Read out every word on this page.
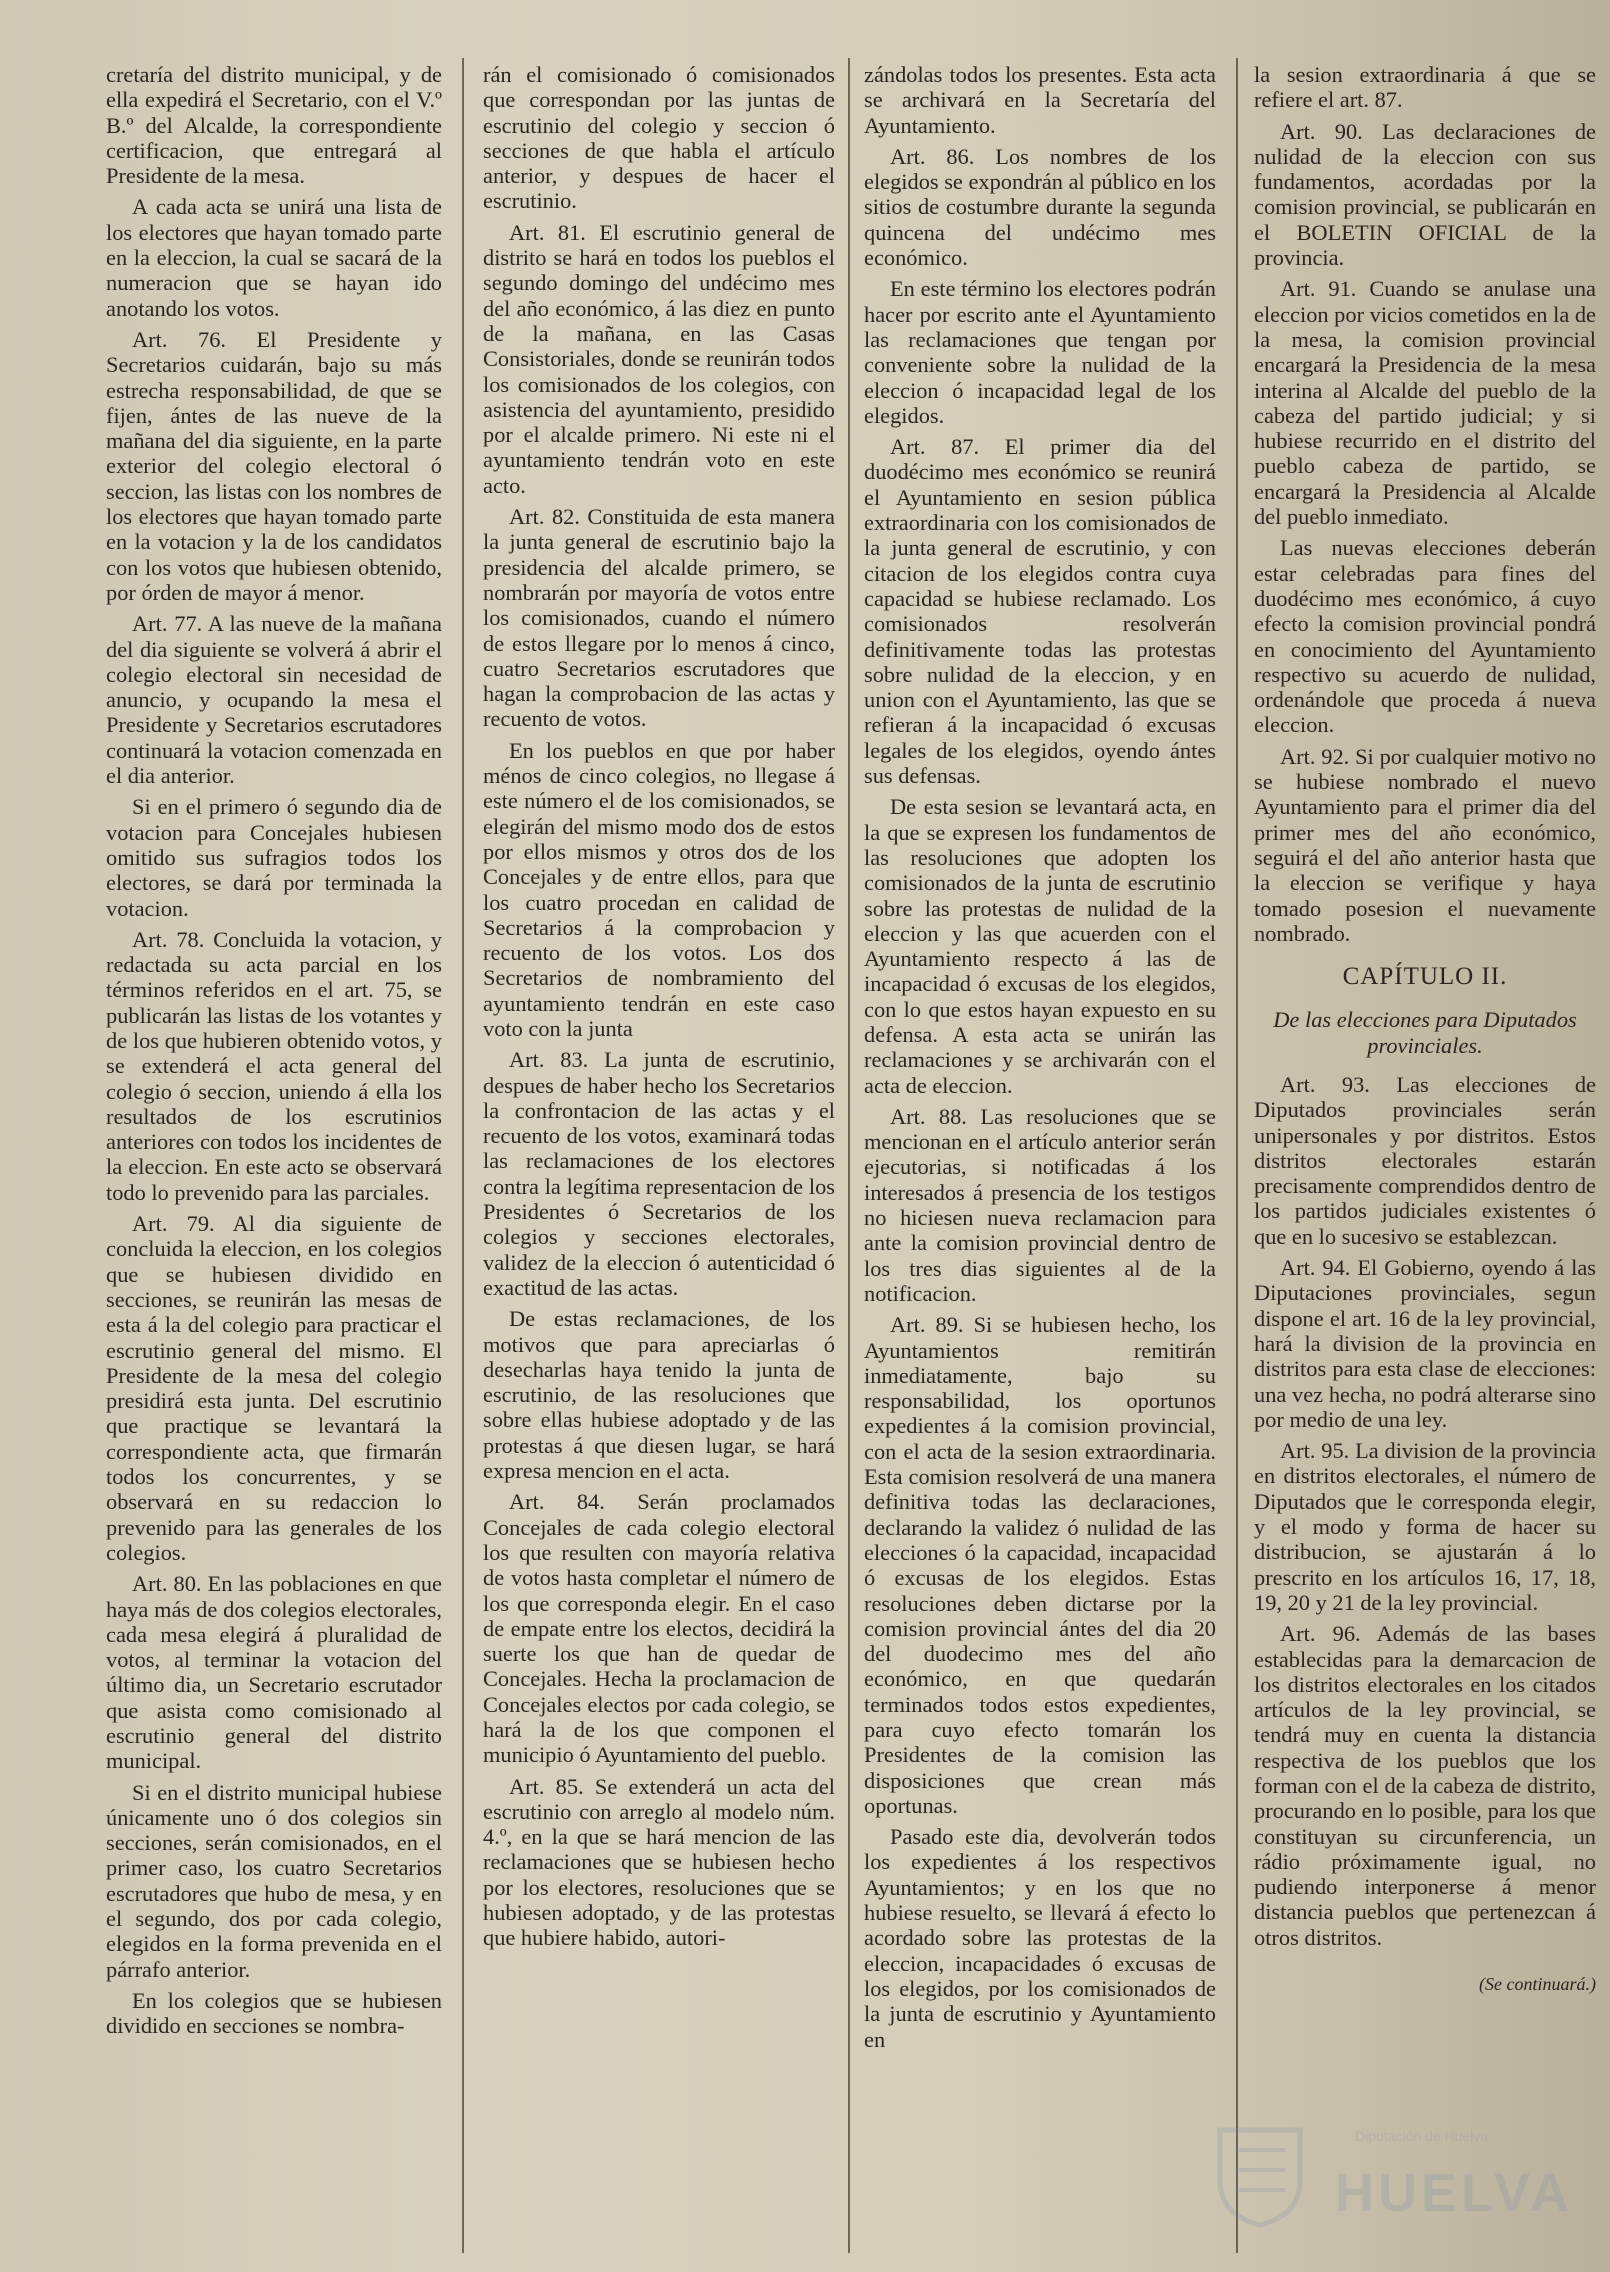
cretaría del distrito municipal, y de ella expedirá el Secretario, con el V.º B.º del Alcalde, la correspondiente certificacion, que entregará al Presidente de la mesa.

A cada acta se unirá una lista de los electores que hayan tomado parte en la eleccion, la cual se sacará de la numeracion que se hayan ido anotando los votos.

Art. 76. El Presidente y Secretarios cuidarán, bajo su más estrecha responsabilidad, de que se fijen, ántes de las nueve de la mañana del dia siguiente, en la parte exterior del colegio electoral ó seccion, las listas con los nombres de los electores que hayan tomado parte en la votacion y la de los candidatos con los votos que hubiesen obtenido, por órden de mayor á menor.

Art. 77. A las nueve de la mañana del dia siguiente se volverá á abrir el colegio electoral sin necesidad de anuncio, y ocupando la mesa el Presidente y Secretarios escrutadores continuará la votacion comenzada en el dia anterior.

Si en el primero ó segundo dia de votacion para Concejales hubiesen omitido sus sufragios todos los electores, se dará por terminada la votacion.

Art. 78. Concluida la votacion, y redactada su acta parcial en los términos referidos en el art. 75, se publicarán las listas de los votantes y de los que hubieren obtenido votos, y se extenderá el acta general del colegio ó seccion, uniendo á ella los resultados de los escrutinios anteriores con todos los incidentes de la eleccion. En este acto se observará todo lo prevenido para las parciales.

Art. 79. Al dia siguiente de concluida la eleccion, en los colegios que se hubiesen dividido en secciones, se reunirán las mesas de esta á la del colegio para practicar el escrutinio general del mismo. El Presidente de la mesa del colegio presidirá esta junta. Del escrutinio que practique se levantará la correspondiente acta, que firmarán todos los concurrentes, y se observará en su redaccion lo prevenido para las generales de los colegios.

Art. 80. En las poblaciones en que haya más de dos colegios electorales, cada mesa elegirá á pluralidad de votos, al terminar la votacion del último dia, un Secretario escrutador que asista como comisionado al escrutinio general del distrito municipal.

Si en el distrito municipal hubiese únicamente uno ó dos colegios sin secciones, serán comisionados, en el primer caso, los cuatro Secretarios escrutadores que hubo de mesa, y en el segundo, dos por cada colegio, elegidos en la forma prevenida en el párrafo anterior.

En los colegios que se hubiesen dividido en secciones se nombra-

rán el comisionado ó comisionados que correspondan por las juntas de escrutinio del colegio y seccion ó secciones de que habla el artículo anterior, y despues de hacer el escrutinio.

Art. 81. El escrutinio general de distrito se hará en todos los pueblos el segundo domingo del undécimo mes del año económico, á las diez en punto de la mañana, en las Casas Consistoriales, donde se reunirán todos los comisionados de los colegios, con asistencia del ayuntamiento, presidido por el alcalde primero. Ni este ni el ayuntamiento tendrán voto en este acto.

Art. 82. Constituida de esta manera la junta general de escrutinio bajo la presidencia del alcalde primero, se nombrarán por mayoría de votos entre los comisionados, cuando el número de estos llegare por lo menos á cinco, cuatro Secretarios escrutadores que hagan la comprobacion de las actas y recuento de votos.

En los pueblos en que por haber ménos de cinco colegios, no llegase á este número el de los comisionados, se elegirán del mismo modo dos de estos por ellos mismos y otros dos de los Concejales y de entre ellos, para que los cuatro procedan en calidad de Secretarios á la comprobacion y recuento de los votos. Los dos Secretarios de nombramiento del ayuntamiento tendrán en este caso voto con la junta

Art. 83. La junta de escrutinio, despues de haber hecho los Secretarios la confrontacion de las actas y el recuento de los votos, examinará todas las reclamaciones de los electores contra la legítima representacion de los Presidentes ó Secretarios de los colegios y secciones electorales, validez de la eleccion ó autenticidad ó exactitud de las actas.

De estas reclamaciones, de los motivos que para apreciarlas ó desecharlas haya tenido la junta de escrutinio, de las resoluciones que sobre ellas hubiese adoptado y de las protestas á que diesen lugar, se hará expresa mencion en el acta.

Art. 84. Serán proclamados Concejales de cada colegio electoral los que resulten con mayoría relativa de votos hasta completar el número de los que corresponda elegir. En el caso de empate entre los electos, decidirá la suerte los que han de quedar de Concejales. Hecha la proclamacion de Concejales electos por cada colegio, se hará la de los que componen el municipio ó Ayuntamiento del pueblo.

Art. 85. Se extenderá un acta del escrutinio con arreglo al modelo núm. 4.º, en la que se hará mencion de las reclamaciones que se hubiesen hecho por los electores, resoluciones que se hubiesen adoptado, y de las protestas que hubiere habido, autori-

zándolas todos los presentes. Esta acta se archivará en la Secretaría del Ayuntamiento.

Art. 86. Los nombres de los elegidos se expondrán al público en los sitios de costumbre durante la segunda quincena del undécimo mes económico.

En este término los electores podrán hacer por escrito ante el Ayuntamiento las reclamaciones que tengan por conveniente sobre la nulidad de la eleccion ó incapacidad legal de los elegidos.

Art. 87. El primer dia del duodécimo mes económico se reunirá el Ayuntamiento en sesion pública extraordinaria con los comisionados de la junta general de escrutinio, y con citacion de los elegidos contra cuya capacidad se hubiese reclamado. Los comisionados resolverán definitivamente todas las protestas sobre nulidad de la eleccion, y en union con el Ayuntamiento, las que se refieran á la incapacidad ó excusas legales de los elegidos, oyendo ántes sus defensas.

De esta sesion se levantará acta, en la que se expresen los fundamentos de las resoluciones que adopten los comisionados de la junta de escrutinio sobre las protestas de nulidad de la eleccion y las que acuerden con el Ayuntamiento respecto á las de incapacidad ó excusas de los elegidos, con lo que estos hayan expuesto en su defensa. A esta acta se unirán las reclamaciones y se archivarán con el acta de eleccion.

Art. 88. Las resoluciones que se mencionan en el artículo anterior serán ejecutorias, si notificadas á los interesados á presencia de los testigos no hiciesen nueva reclamacion para ante la comision provincial dentro de los tres dias siguientes al de la notificacion.

Art. 89. Si se hubiesen hecho, los Ayuntamientos remitirán inmediatamente, bajo su responsabilidad, los oportunos expedientes á la comision provincial, con el acta de la sesion extraordinaria. Esta comision resolverá de una manera definitiva todas las declaraciones, declarando la validez ó nulidad de las elecciones ó la capacidad, incapacidad ó excusas de los elegidos. Estas resoluciones deben dictarse por la comision provincial ántes del dia 20 del duodecimo mes del año económico, en que quedarán terminados todos estos expedientes, para cuyo efecto tomarán los Presidentes de la comision las disposiciones que crean más oportunas.

Pasado este dia, devolverán todos los expedientes á los respectivos Ayuntamientos; y en los que no hubiese resuelto, se llevará á efecto lo acordado sobre las protestas de la eleccion, incapacidades ó excusas de los elegidos, por los comisionados de la junta de escrutinio y Ayuntamiento en

la sesion extraordinaria á que se refiere el art. 87.

Art. 90. Las declaraciones de nulidad de la eleccion con sus fundamentos, acordadas por la comision provincial, se publicarán en el BOLETIN OFICIAL de la provincia.

Art. 91. Cuando se anulase una eleccion por vicios cometidos en la de la mesa, la comision provincial encargará la Presidencia de la mesa interina al Alcalde del pueblo de la cabeza del partido judicial; y si hubiese recurrido en el distrito del pueblo cabeza de partido, se encargará la Presidencia al Alcalde del pueblo inmediato.

Las nuevas elecciones deberán estar celebradas para fines del duodécimo mes económico, á cuyo efecto la comision provincial pondrá en conocimiento del Ayuntamiento respectivo su acuerdo de nulidad, ordenándole que proceda á nueva eleccion.

Art. 92. Si por cualquier motivo no se hubiese nombrado el nuevo Ayuntamiento para el primer dia del primer mes del año económico, seguirá el del año anterior hasta que la eleccion se verifique y haya tomado posesion el nuevamente nombrado.

CAPÍTULO II.
De las elecciones para Diputados provinciales.

Art. 93. Las elecciones de Diputados provinciales serán unipersonales y por distritos. Estos distritos electorales estarán precisamente comprendidos dentro de los partidos judiciales existentes ó que en lo sucesivo se establezcan.

Art. 94. El Gobierno, oyendo á las Diputaciones provinciales, segun dispone el art. 16 de la ley provincial, hará la division de la provincia en distritos para esta clase de elecciones: una vez hecha, no podrá alterarse sino por medio de una ley.

Art. 95. La division de la provincia en distritos electorales, el número de Diputados que le corresponda elegir, y el modo y forma de hacer su distribucion, se ajustarán á lo prescrito en los artículos 16, 17, 18, 19, 20 y 21 de la ley provincial.

Art. 96. Además de las bases establecidas para la demarcacion de los distritos electorales en los citados artículos de la ley provincial, se tendrá muy en cuenta la distancia respectiva de los pueblos que los forman con el de la cabeza de distrito, procurando en lo posible, para los que constituyan su circunferencia, un rádio próximamente igual, no pudiendo interponerse á menor distancia pueblos que pertenezcan á otros distritos.

(Se continuará.)
Diputación de Huelva
HUELVA
